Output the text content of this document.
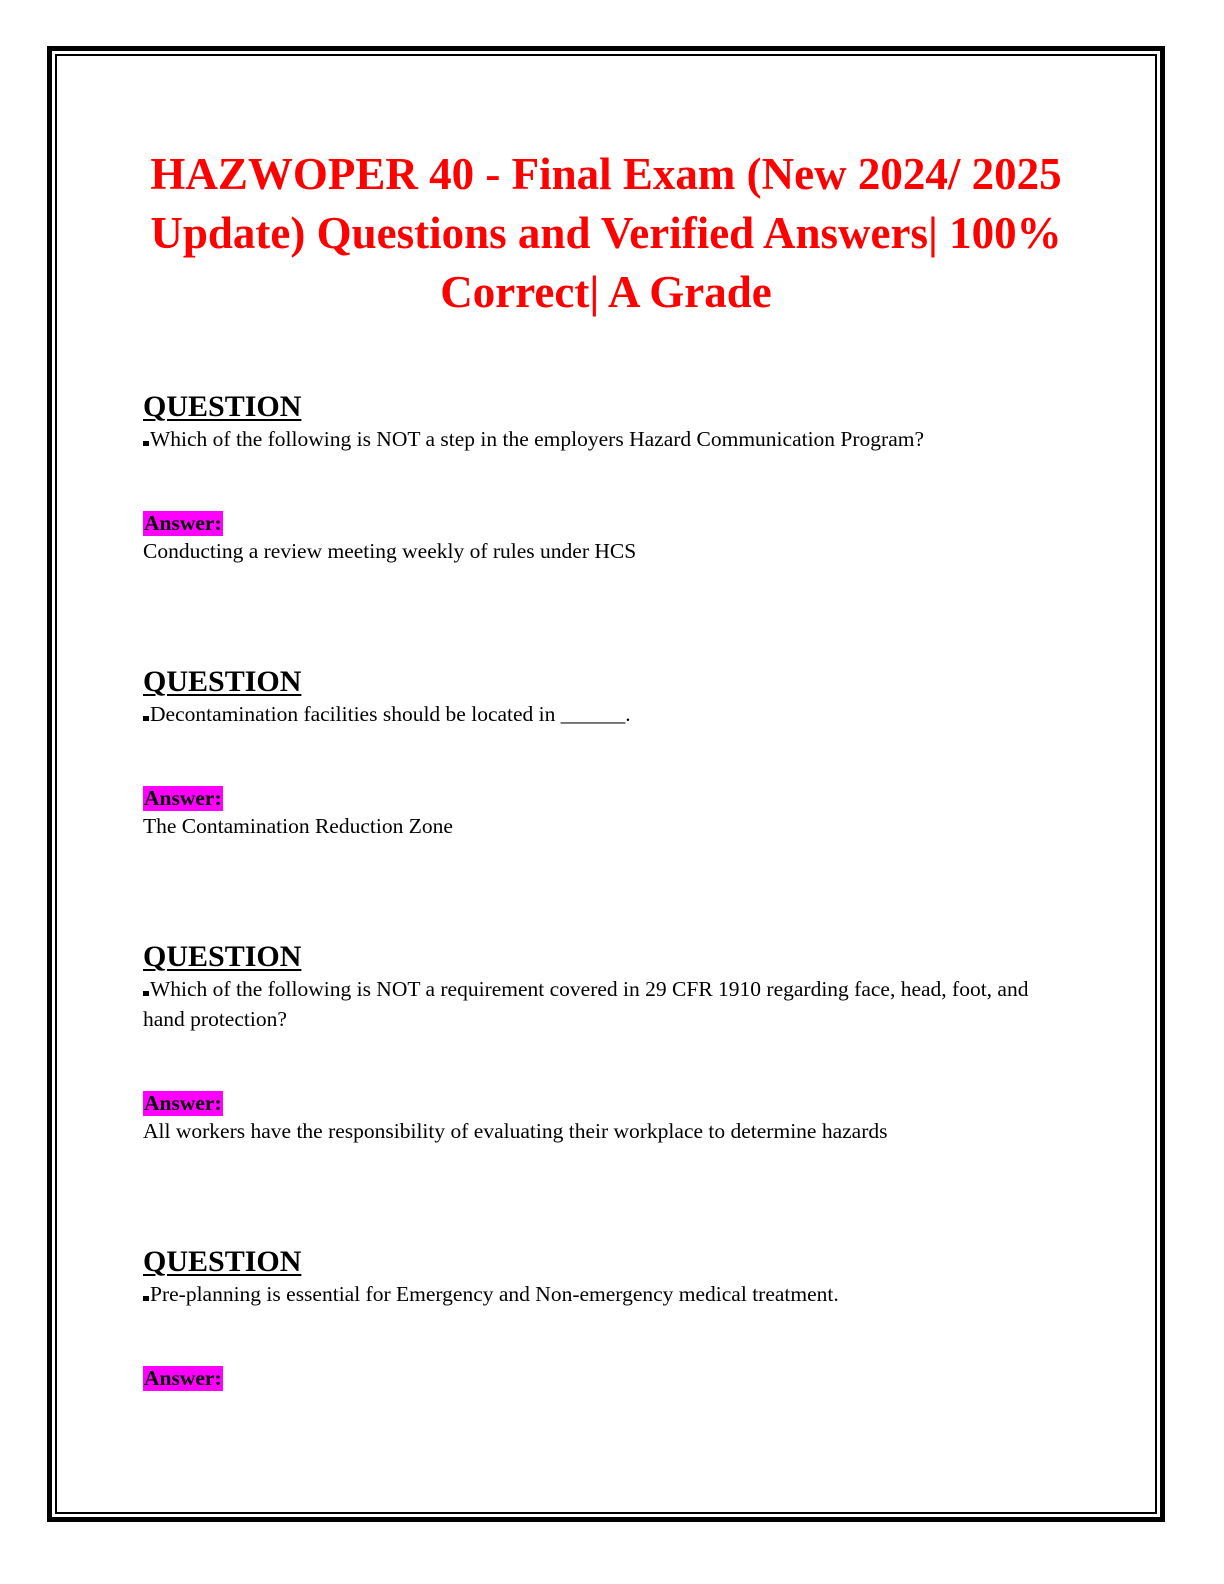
HAZWOPER 40 - Final Exam (New 2024/ 2025 Update) Questions and Verified Answers| 100% Correct| A Grade
QUESTION
Which of the following is NOT a step in the employers Hazard Communication Program?
Answer:
Conducting a review meeting weekly of rules under HCS
QUESTION
Decontamination facilities should be located in ______.
Answer:
The Contamination Reduction Zone
QUESTION
Which of the following is NOT a requirement covered in 29 CFR 1910 regarding face, head, foot, and hand protection?
Answer:
All workers have the responsibility of evaluating their workplace to determine hazards
QUESTION
Pre-planning is essential for Emergency and Non-emergency medical treatment.
Answer:
